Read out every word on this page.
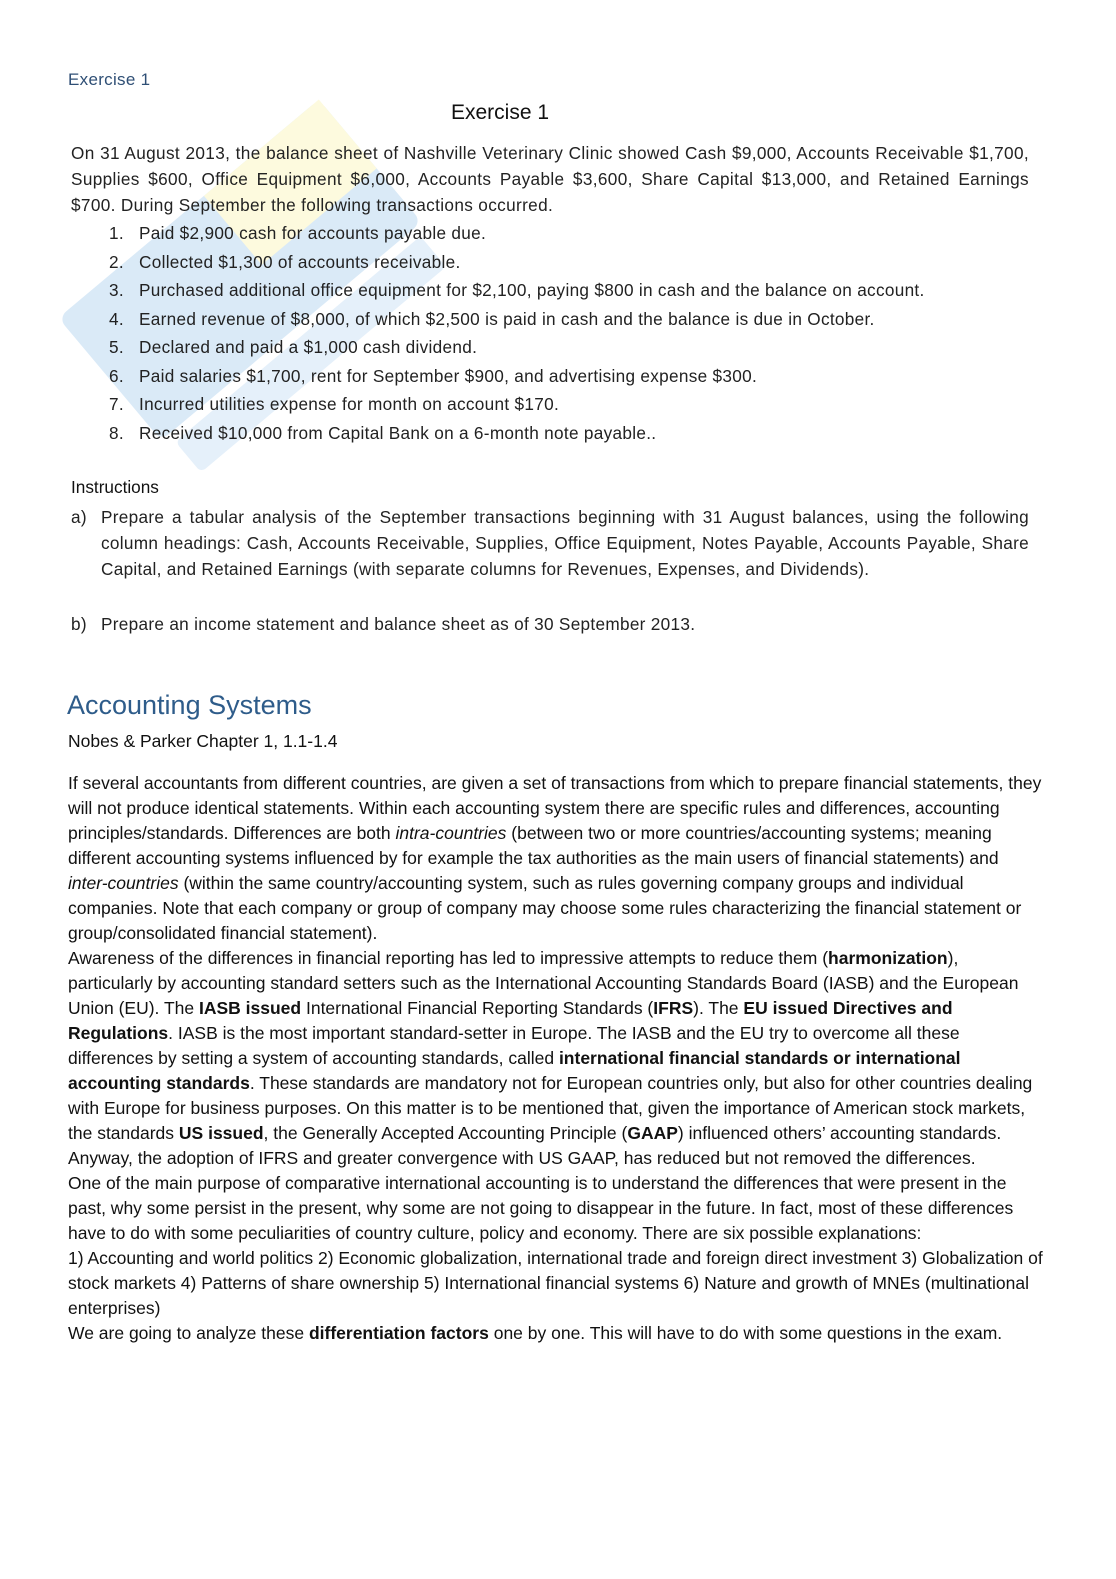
Exercise 1
Exercise 1
On 31 August 2013, the balance sheet of Nashville Veterinary Clinic showed Cash $9,000, Accounts Receivable $1,700, Supplies $600, Office Equipment $6,000, Accounts Payable $3,600, Share Capital $13,000, and Retained Earnings $700. During September the following transactions occurred.
1. Paid $2,900 cash for accounts payable due.
2. Collected $1,300 of accounts receivable.
3. Purchased additional office equipment for $2,100, paying $800 in cash and the balance on account.
4. Earned revenue of $8,000, of which $2,500 is paid in cash and the balance is due in October.
5. Declared and paid a $1,000 cash dividend.
6. Paid salaries $1,700, rent for September $900, and advertising expense $300.
7. Incurred utilities expense for month on account $170.
8. Received $10,000 from Capital Bank on a 6-month note payable..
Instructions
a) Prepare a tabular analysis of the September transactions beginning with 31 August balances, using the following column headings: Cash, Accounts Receivable, Supplies, Office Equipment, Notes Payable, Accounts Payable, Share Capital, and Retained Earnings (with separate columns for Revenues, Expenses, and Dividends).
b) Prepare an income statement and balance sheet as of 30 September 2013.
Accounting Systems
Nobes & Parker Chapter 1, 1.1-1.4

If several accountants from different countries, are given a set of transactions from which to prepare financial statements, they will not produce identical statements. Within each accounting system there are specific rules and differences, accounting principles/standards. Differences are both intra-countries (between two or more countries/accounting systems; meaning different accounting systems influenced by for example the tax authorities as the main users of financial statements) and inter-countries (within the same country/accounting system, such as rules governing company groups and individual companies. Note that each company or group of company may choose some rules characterizing the financial statement or group/consolidated financial statement).

Awareness of the differences in financial reporting has led to impressive attempts to reduce them (harmonization), particularly by accounting standard setters such as the International Accounting Standards Board (IASB) and the European Union (EU). The IASB issued International Financial Reporting Standards (IFRS). The EU issued Directives and Regulations. IASB is the most important standard-setter in Europe. The IASB and the EU try to overcome all these differences by setting a system of accounting standards, called international financial standards or international accounting standards. These standards are mandatory not for European countries only, but also for other countries dealing with Europe for business purposes. On this matter is to be mentioned that, given the importance of American stock markets, the standards US issued, the Generally Accepted Accounting Principle (GAAP) influenced others’ accounting standards. Anyway, the adoption of IFRS and greater convergence with US GAAP, has reduced but not removed the differences.

One of the main purpose of comparative international accounting is to understand the differences that were present in the past, why some persist in the present, why some are not going to disappear in the future. In fact, most of these differences have to do with some peculiarities of country culture, policy and economy. There are six possible explanations:

1) Accounting and world politics 2) Economic globalization, international trade and foreign direct investment 3) Globalization of stock markets 4) Patterns of share ownership 5) International financial systems 6) Nature and growth of MNEs (multinational enterprises)

We are going to analyze these differentiation factors one by one. This will have to do with some questions in the exam.
